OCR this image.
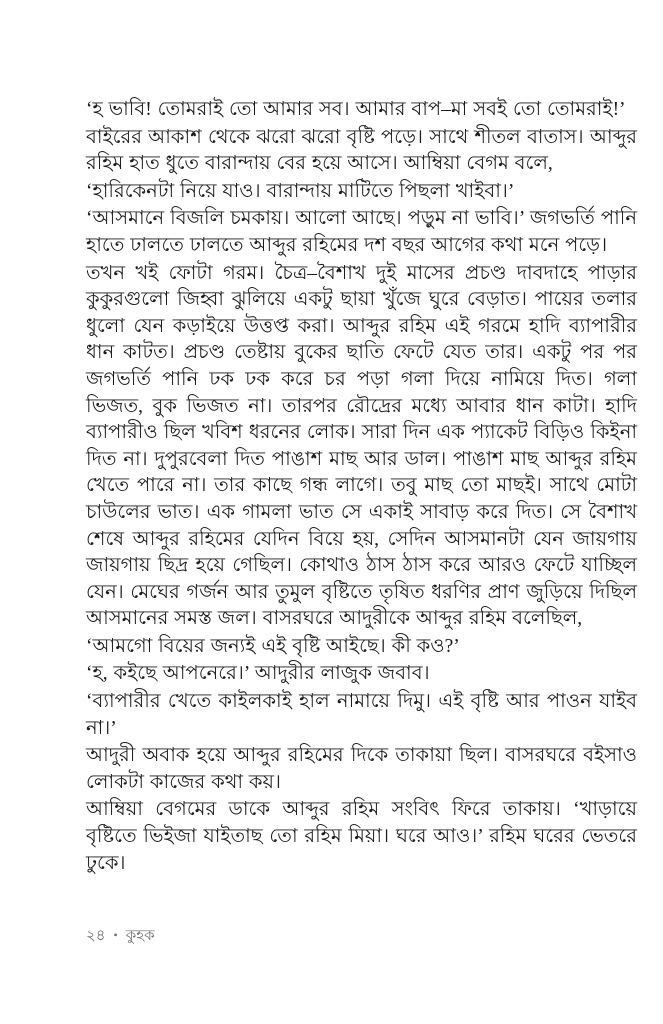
‘হ ভাবি! তোমরাই তো আমার সব। আমার বাপ–মা সবই তো তোমরাই!’

বাইরের আকাশ থেকে ঝরো ঝরো বৃষ্টি পড়ে। সাথে শীতল বাতাস। আব্দুর রহিম হাত ধুতে বারান্দায় বের হয়ে আসে। আম্বিয়া বেগম বলে,

‘হারিকেনটা নিয়ে যাও। বারান্দায় মাটিতে পিছলা খাইবা।’

‘আসমানে বিজলি চমকায়। আলো আছে। পড়ুম না ভাবি।’ জগভর্তি পানি হাতে ঢালতে ঢালতে আব্দুর রহিমের দশ বছর আগের কথা মনে পড়ে।

তখন খই ফোটা গরম। চৈত্র–বৈশাখ দুই মাসের প্রচণ্ড দাবদাহে পাড়ার কুকুরগুলো জিহ্বা ঝুলিয়ে একটু ছায়া খুঁজে ঘুরে বেড়াত। পায়ের তলার ধুলো যেন কড়াইয়ে উত্তপ্ত করা। আব্দুর রহিম এই গরমে হাদি ব্যাপারীর ধান কাটত। প্রচণ্ড তেষ্টায় বুকের ছাতি ফেটে যেত তার। একটু পর পর জগভর্তি পানি ঢক ঢক করে চর পড়া গলা দিয়ে নামিয়ে দিত। গলা ভিজত, বুক ভিজত না। তারপর রৌদ্রের মধ্যে আবার ধান কাটা। হাদি ব্যাপারীও ছিল খবিশ ধরনের লোক। সারা দিন এক প্যাকেট বিড়িও কিইনা দিত না। দুপুরবেলা দিত পাঙাশ মাছ আর ডাল। পাঙাশ মাছ আব্দুর রহিম খেতে পারে না। তার কাছে গন্ধ লাগে। তবু মাছ তো মাছই। সাথে মোটা চাউলের ভাত। এক গামলা ভাত সে একাই সাবাড় করে দিত। সে বৈশাখ শেষে আব্দুর রহিমের যেদিন বিয়ে হয়, সেদিন আসমানটা যেন জায়গায় জায়গায় ছিদ্র হয়ে গেছিল। কোথাও ঠাস ঠাস করে আরও ফেটে যাচ্ছিল যেন। মেঘের গর্জন আর তুমুল বৃষ্টিতে তৃষিত ধরণির প্রাণ জুড়িয়ে দিছিল আসমানের সমস্ত জল। বাসরঘরে আদুরীকে আব্দুর রহিম বলেছিল,

‘আমগো বিয়ের জন্যই এই বৃষ্টি আইছে। কী কও?’

‘হ, কইছে আপনেরে।’ আদুরীর লাজুক জবাব।

‘ব্যাপারীর খেতে কাইলকাই হাল নামায়ে দিমু। এই বৃষ্টি আর পাওন যাইব না।’

আদুরী অবাক হয়ে আব্দুর রহিমের দিকে তাকায়া ছিল। বাসরঘরে বইসাও লোকটা কাজের কথা কয়।

আম্বিয়া বেগমের ডাকে আব্দুর রহিম সংবিৎ ফিরে তাকায়। ‘খাড়ায়ে বৃষ্টিতে ভিইজা যাইতাছ তো রহিম মিয়া। ঘরে আও।’ রহিম ঘরের ভেতরে ঢুকে।

২৪ • কুহক
